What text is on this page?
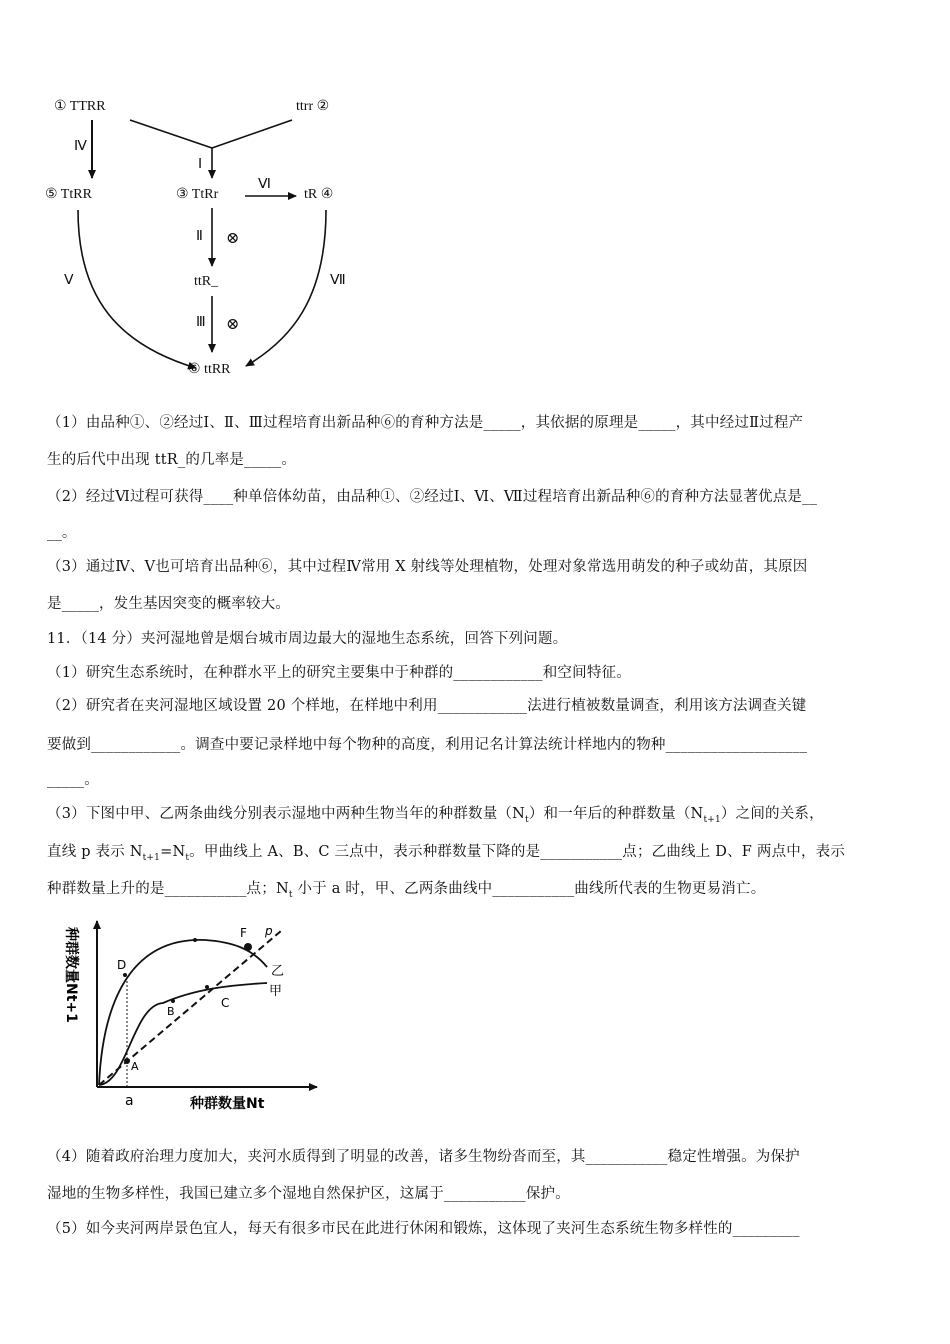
① TTRR	ttrr ②
⑤ TtRR	③ TtRr	tR ④
ttR_
⑥ ttRR
Ⅳ
Ⅰ
Ⅵ
Ⅱ ⊗
Ⅲ ⊗
Ⅴ	Ⅶ
（1）由品种①、②经过Ⅰ、Ⅱ、Ⅲ过程培育出新品种⑥的育种方法是_____，其依据的原理是_____，其中经过Ⅱ过程产
生的后代中出现 ttR_的几率是_____。
（2）经过Ⅵ过程可获得____种单倍体幼苗，由品种①、②经过Ⅰ、Ⅵ、Ⅶ过程培育出新品种⑥的育种方法显著优点是__
__。
（3）通过Ⅳ、Ⅴ也可培育出品种⑥，其中过程Ⅳ常用 X 射线等处理植物，处理对象常选用萌发的种子或幼苗，其原因
是_____，发生基因突变的概率较大。
11．（14 分）夹河湿地曾是烟台城市周边最大的湿地生态系统，回答下列问题。
（1）研究生态系统时，在种群水平上的研究主要集中于种群的____________和空间特征。
（2）研究者在夹河湿地区域设置 20 个样地，在样地中利用____________法进行植被数量调查，利用该方法调查关键
要做到____________。调查中要记录样地中每个物种的高度，利用记名计算法统计样地内的物种___________________
_____。
（3）下图中甲、乙两条曲线分别表示湿地中两种生物当年的种群数量$(N_t)$和一年后的种群数量$(N_{t+1})$之间的关系，
直线 p 表示 $N_{t+1}=N_t$。甲曲线上 A、B、C 三点中，表示种群数量下降的是___________点；乙曲线上 D、F 两点中，表示
种群数量上升的是___________点；$N_t$ 小于 a 时，甲、乙两条曲线中___________曲线所代表的生物更易消亡。
D
F p
乙
甲
B
C
A
a	种群数量Nt
种群数量Nt+1
（4）随着政府治理力度加大，夹河水质得到了明显的改善，诸多生物纷沓而至，其___________稳定性增强。为保护
湿地的生物多样性，我国已建立多个湿地自然保护区，这属于___________保护。
（5）如今夹河两岸景色宜人，每天有很多市民在此进行休闲和锻炼，这体现了夹河生态系统生物多样性的_________
